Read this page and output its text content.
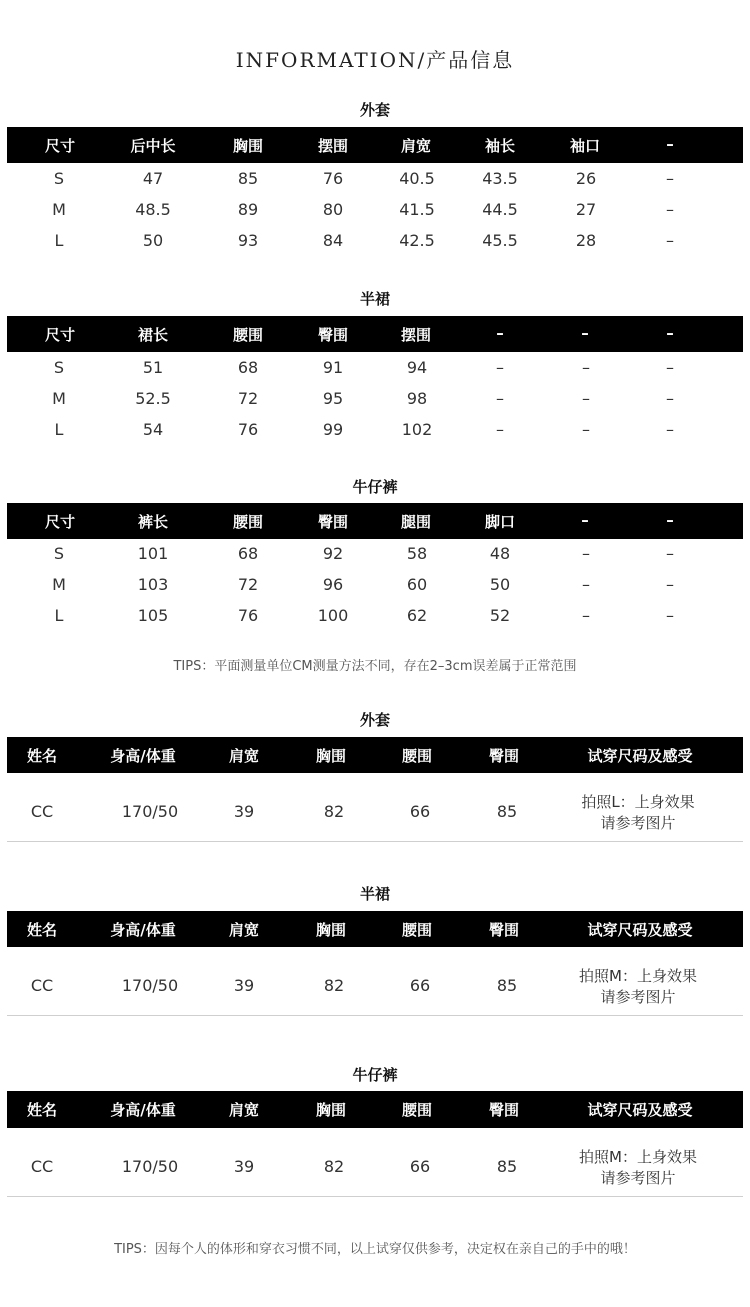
INFORMATION/产品信息
外套
尺寸	后中长	胸围	摆围	肩宽	袖长	袖口	–
S	47	85	76	40.5	43.5	26	–
M	48.5	89	80	41.5	44.5	27	–
L	50	93	84	42.5	45.5	28	–
半裙
尺寸	裙长	腰围	臀围	摆围	–	–	–
S	51	68	91	94	–	–	–
M	52.5	72	95	98	–	–	–
L	54	76	99	102	–	–	–
牛仔裤
尺寸	裤长	腰围	臀围	腿围	脚口	–	–
S	101	68	92	58	48	–	–
M	103	72	96	60	50	–	–
L	105	76	100	62	52	–	–
TIPS：平面测量单位CM测量方法不同，存在2–3cm误差属于正常范围
外套
姓名	身高/体重	肩宽	胸围	腰围	臀围	试穿尺码及感受
CC	170/50	39	82	66	85	拍照L：上身效果
请参考图片
半裙
姓名	身高/体重	肩宽	胸围	腰围	臀围	试穿尺码及感受
CC	170/50	39	82	66	85	拍照M：上身效果
请参考图片
牛仔裤
姓名	身高/体重	肩宽	胸围	腰围	臀围	试穿尺码及感受
CC	170/50	39	82	66	85	拍照M：上身效果
请参考图片
TIPS：因每个人的体形和穿衣习惯不同，以上试穿仅供参考，决定权在亲自己的手中的哦！
